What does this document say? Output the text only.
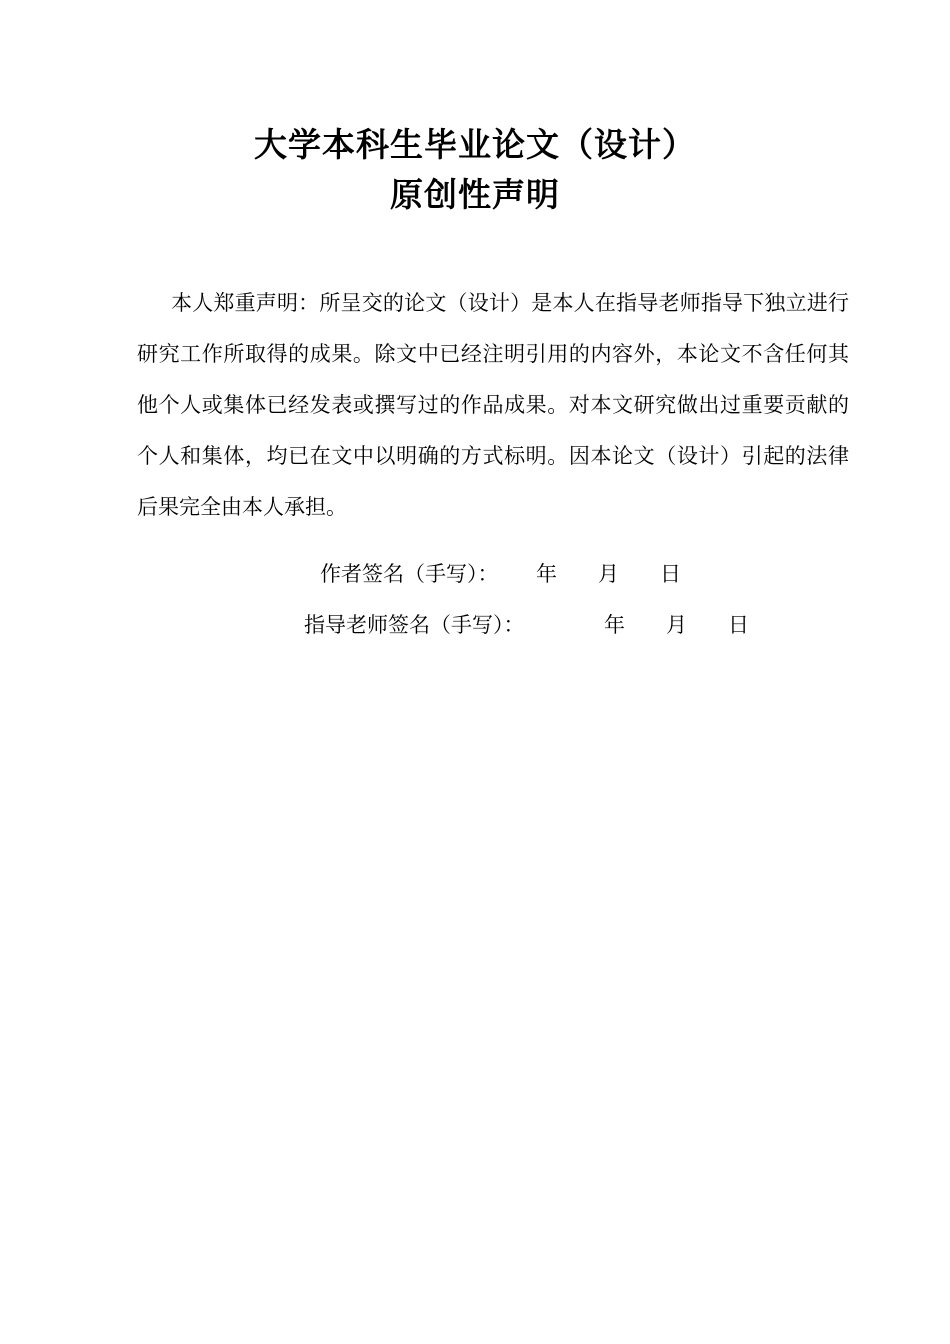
大学本科生毕业论文（设计）
原创性声明

本人郑重声明：所呈交的论文（设计）是本人在指导老师指导下独立进行研究工作所取得的成果。除文中已经注明引用的内容外，本论文不含任何其他个人或集体已经发表或撰写过的作品成果。对本文研究做出过重要贡献的个人和集体，均已在文中以明确的方式标明。因本论文（设计）引起的法律后果完全由本人承担。

作者签名（手写）： 年 月 日
指导老师签名（手写）：	年 月 日
